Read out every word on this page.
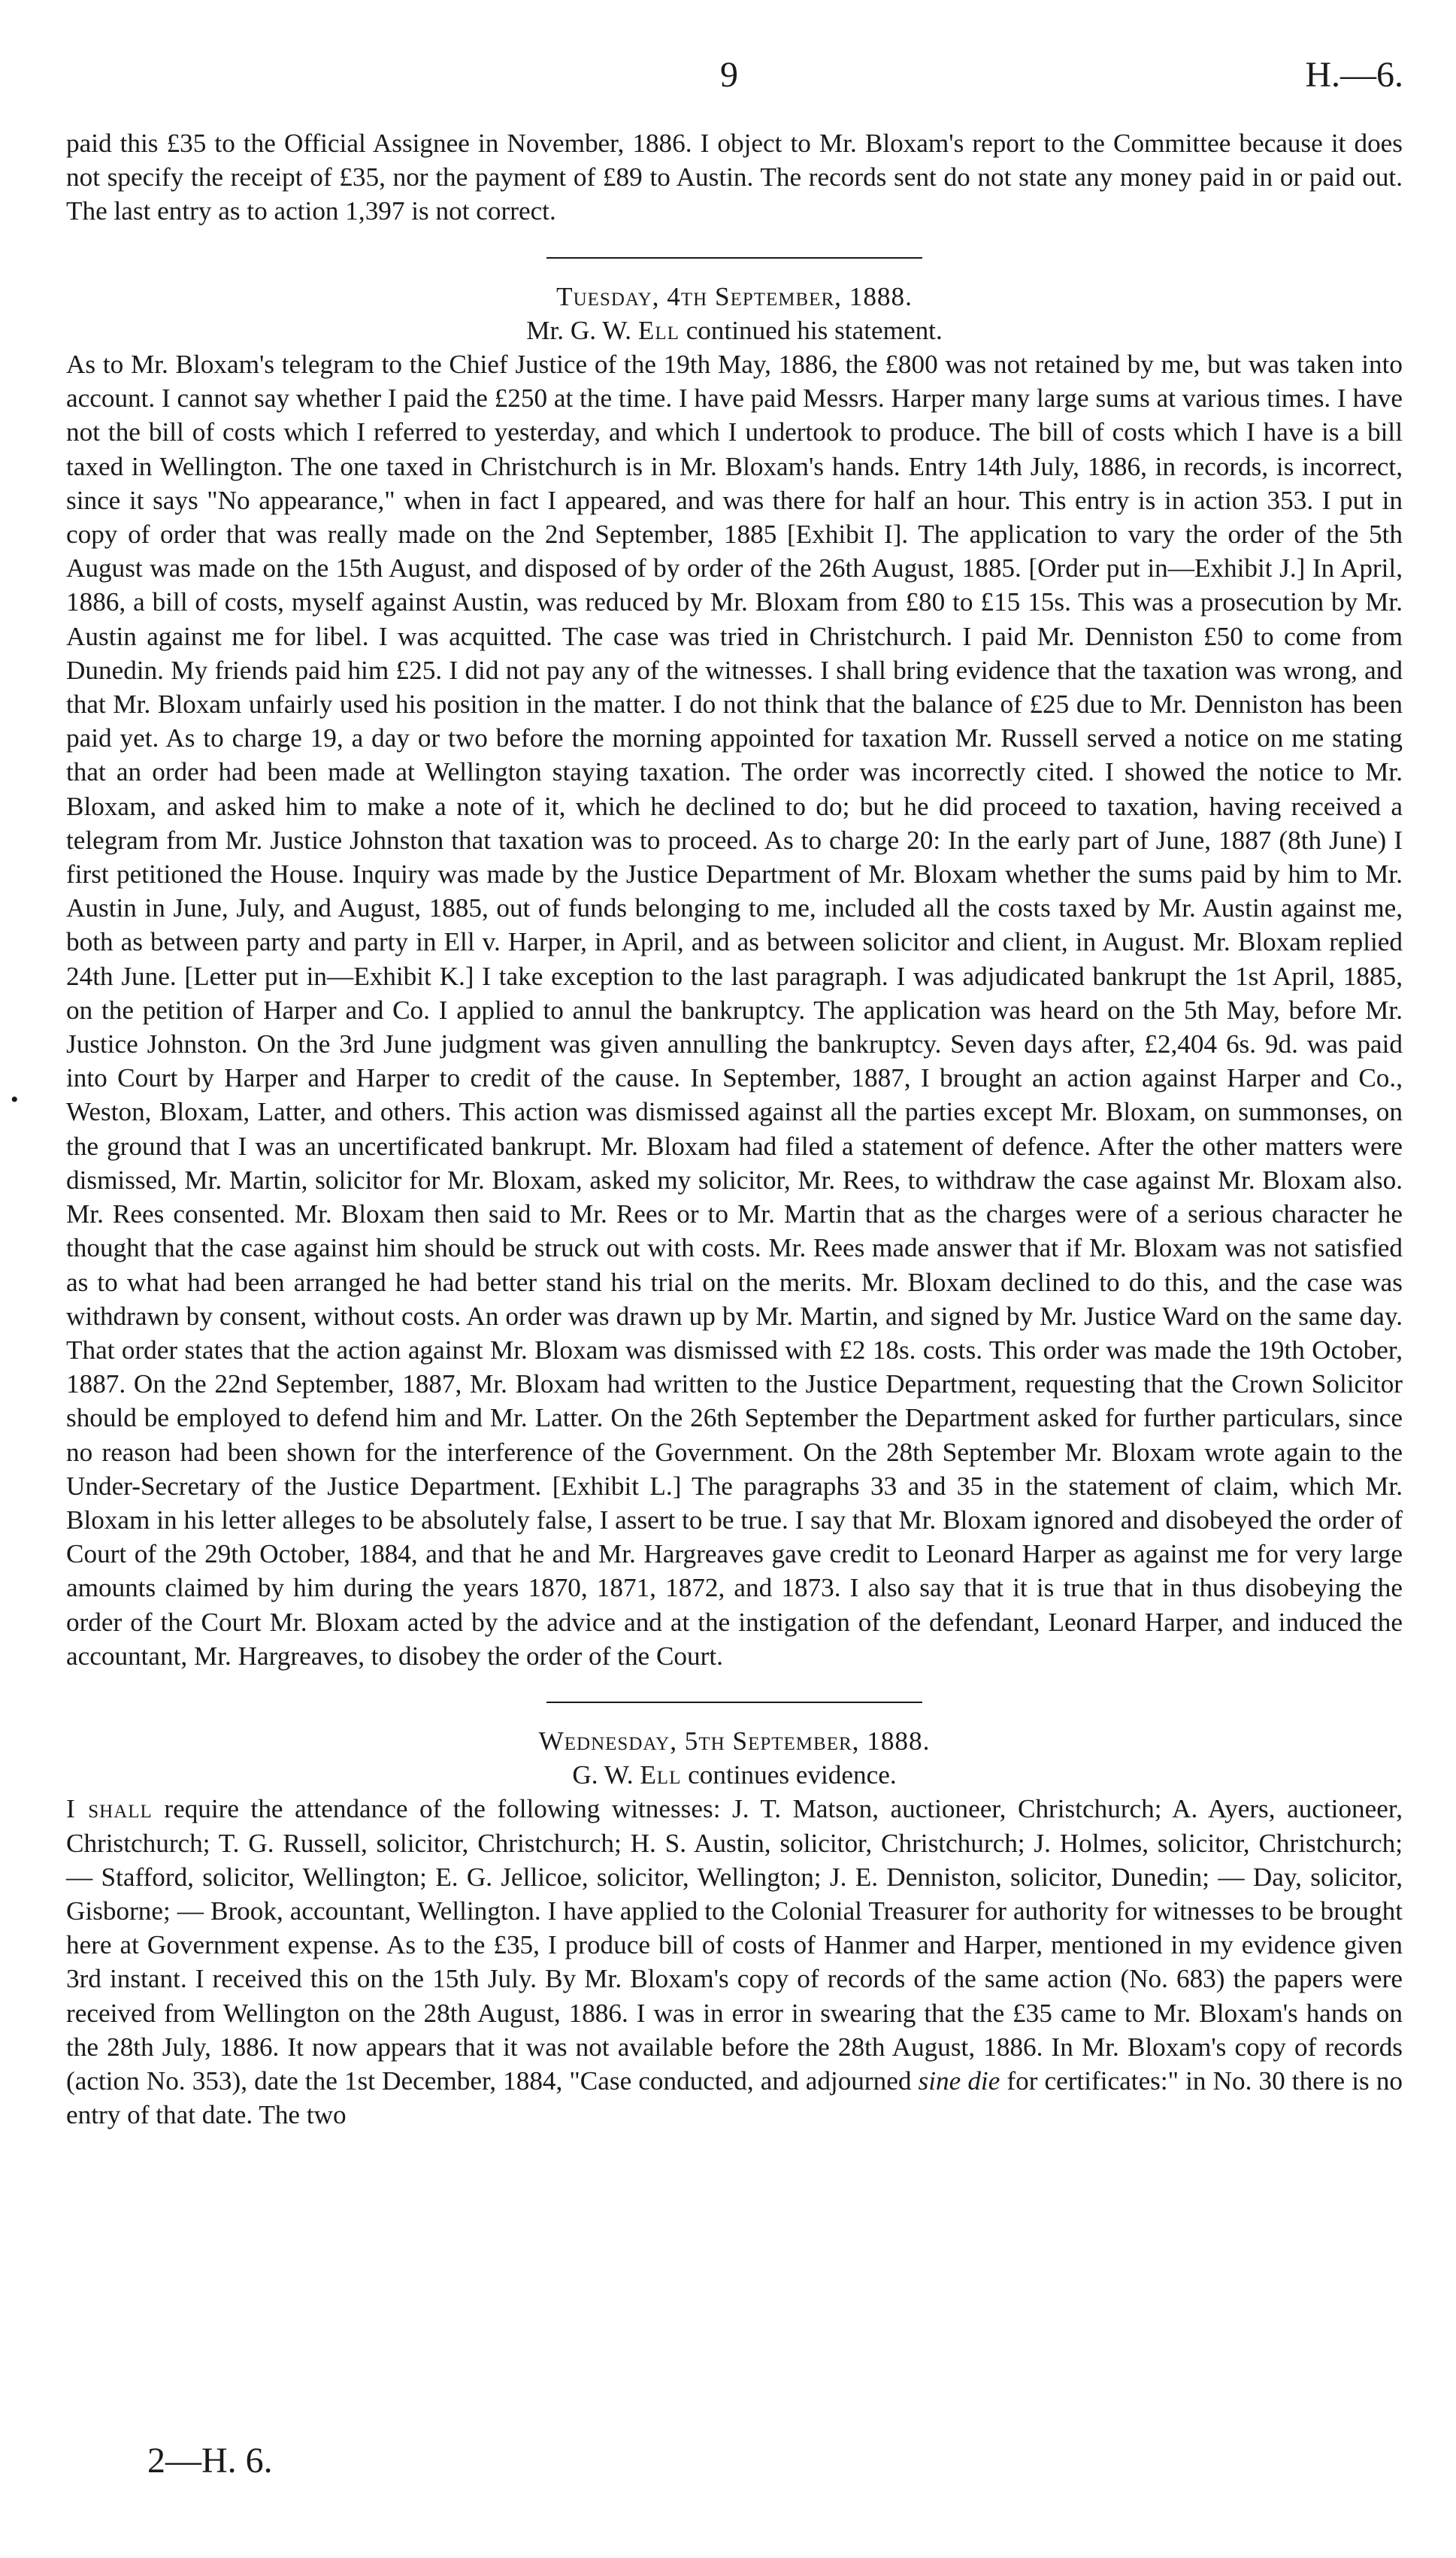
9	H.—6.

paid this £35 to the Official Assignee in November, 1886. I object to Mr. Bloxam's report to the Committee because it does not specify the receipt of £35, nor the payment of £89 to Austin. The records sent do not state any money paid in or paid out. The last entry as to action 1,397 is not correct.

Tuesday, 4th September, 1888.

Mr. G. W. Ell continued his statement.

As to Mr. Bloxam's telegram to the Chief Justice of the 19th May, 1886, the £800 was not retained by me, but was taken into account. I cannot say whether I paid the £250 at the time. I have paid Messrs. Harper many large sums at various times. I have not the bill of costs which I referred to yesterday, and which I undertook to produce. The bill of costs which I have is a bill taxed in Wellington. The one taxed in Christchurch is in Mr. Bloxam's hands. Entry 14th July, 1886, in records, is incorrect, since it says "No appearance," when in fact I appeared, and was there for half an hour. This entry is in action 353. I put in copy of order that was really made on the 2nd September, 1885 [Exhibit I]. The application to vary the order of the 5th August was made on the 15th August, and disposed of by order of the 26th August, 1885. [Order put in—Exhibit J.] In April, 1886, a bill of costs, myself against Austin, was reduced by Mr. Bloxam from £80 to £15 15s. This was a prosecution by Mr. Austin against me for libel. I was acquitted. The case was tried in Christchurch. I paid Mr. Denniston £50 to come from Dunedin. My friends paid him £25. I did not pay any of the witnesses. I shall bring evidence that the taxation was wrong, and that Mr. Bloxam unfairly used his position in the matter. I do not think that the balance of £25 due to Mr. Denniston has been paid yet. As to charge 19, a day or two before the morning appointed for taxation Mr. Russell served a notice on me stating that an order had been made at Wellington staying taxation. The order was incorrectly cited. I showed the notice to Mr. Bloxam, and asked him to make a note of it, which he declined to do; but he did proceed to taxation, having received a telegram from Mr. Justice Johnston that taxation was to proceed. As to charge 20: In the early part of June, 1887 (8th June) I first petitioned the House. Inquiry was made by the Justice Department of Mr. Bloxam whether the sums paid by him to Mr. Austin in June, July, and August, 1885, out of funds belonging to me, included all the costs taxed by Mr. Austin against me, both as between party and party in Ell v. Harper, in April, and as between solicitor and client, in August. Mr. Bloxam replied 24th June. [Letter put in—Exhibit K.] I take exception to the last paragraph. I was adjudicated bankrupt the 1st April, 1885, on the petition of Harper and Co. I applied to annul the bankruptcy. The application was heard on the 5th May, before Mr. Justice Johnston. On the 3rd June judgment was given annulling the bankruptcy. Seven days after, £2,404 6s. 9d. was paid into Court by Harper and Harper to credit of the cause. In September, 1887, I brought an action against Harper and Co., Weston, Bloxam, Latter, and others. This action was dismissed against all the parties except Mr. Bloxam, on summonses, on the ground that I was an uncertificated bankrupt. Mr. Bloxam had filed a statement of defence. After the other matters were dismissed, Mr. Martin, solicitor for Mr. Bloxam, asked my solicitor, Mr. Rees, to withdraw the case against Mr. Bloxam also. Mr. Rees consented. Mr. Bloxam then said to Mr. Rees or to Mr. Martin that as the charges were of a serious character he thought that the case against him should be struck out with costs. Mr. Rees made answer that if Mr. Bloxam was not satisfied as to what had been arranged he had better stand his trial on the merits. Mr. Bloxam declined to do this, and the case was withdrawn by consent, without costs. An order was drawn up by Mr. Martin, and signed by Mr. Justice Ward on the same day. That order states that the action against Mr. Bloxam was dismissed with £2 18s. costs. This order was made the 19th October, 1887. On the 22nd September, 1887, Mr. Bloxam had written to the Justice Department, requesting that the Crown Solicitor should be employed to defend him and Mr. Latter. On the 26th September the Department asked for further particulars, since no reason had been shown for the interference of the Government. On the 28th September Mr. Bloxam wrote again to the Under-Secretary of the Justice Department. [Exhibit L.] The paragraphs 33 and 35 in the statement of claim, which Mr. Bloxam in his letter alleges to be absolutely false, I assert to be true. I say that Mr. Bloxam ignored and disobeyed the order of Court of the 29th October, 1884, and that he and Mr. Hargreaves gave credit to Leonard Harper as against me for very large amounts claimed by him during the years 1870, 1871, 1872, and 1873. I also say that it is true that in thus disobeying the order of the Court Mr. Bloxam acted by the advice and at the instigation of the defendant, Leonard Harper, and induced the accountant, Mr. Hargreaves, to disobey the order of the Court.

Wednesday, 5th September, 1888.

G. W. Ell continues evidence.

I shall require the attendance of the following witnesses: J. T. Matson, auctioneer, Christchurch; A. Ayers, auctioneer, Christchurch; T. G. Russell, solicitor, Christchurch; H. S. Austin, solicitor, Christchurch; J. Holmes, solicitor, Christchurch; — Stafford, solicitor, Wellington; E. G. Jellicoe, solicitor, Wellington; J. E. Denniston, solicitor, Dunedin; — Day, solicitor, Gisborne; — Brook, accountant, Wellington. I have applied to the Colonial Treasurer for authority for witnesses to be brought here at Government expense. As to the £35, I produce bill of costs of Hanmer and Harper, mentioned in my evidence given 3rd instant. I received this on the 15th July. By Mr. Bloxam's copy of records of the same action (No. 683) the papers were received from Wellington on the 28th August, 1886. I was in error in swearing that the £35 came to Mr. Bloxam's hands on the 28th July, 1886. It now appears that it was not available before the 28th August, 1886. In Mr. Bloxam's copy of records (action No. 353), date the 1st December, 1884, "Case conducted, and adjourned sine die for certificates:" in No. 30 there is no entry of that date. The two

•
2—H. 6.
